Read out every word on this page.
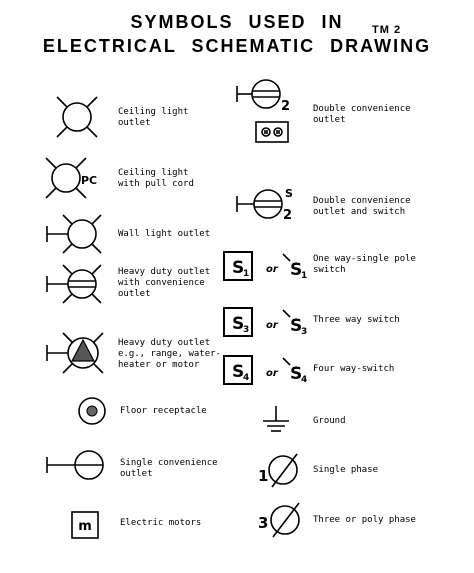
SYMBOLS USED IN
ELECTRICAL SCHEMATIC DRAWING
TM 2
PC
m
2
S
2
S
1 or S
1
S
3 or S
3
S
4 or S
4
1
3
Ceiling light
outlet
Ceiling light
with pull cord
Wall light outlet
Heavy duty outlet
with convenience
outlet
Heavy duty outlet
e.g., range, water-
heater or motor
Floor receptacle
Single convenience
outlet
Electric motors
Double convenience
outlet
Double convenience
outlet and switch
One way-single pole
switch
Three way switch
Four way-switch
Ground
Single phase
Three or poly phase
